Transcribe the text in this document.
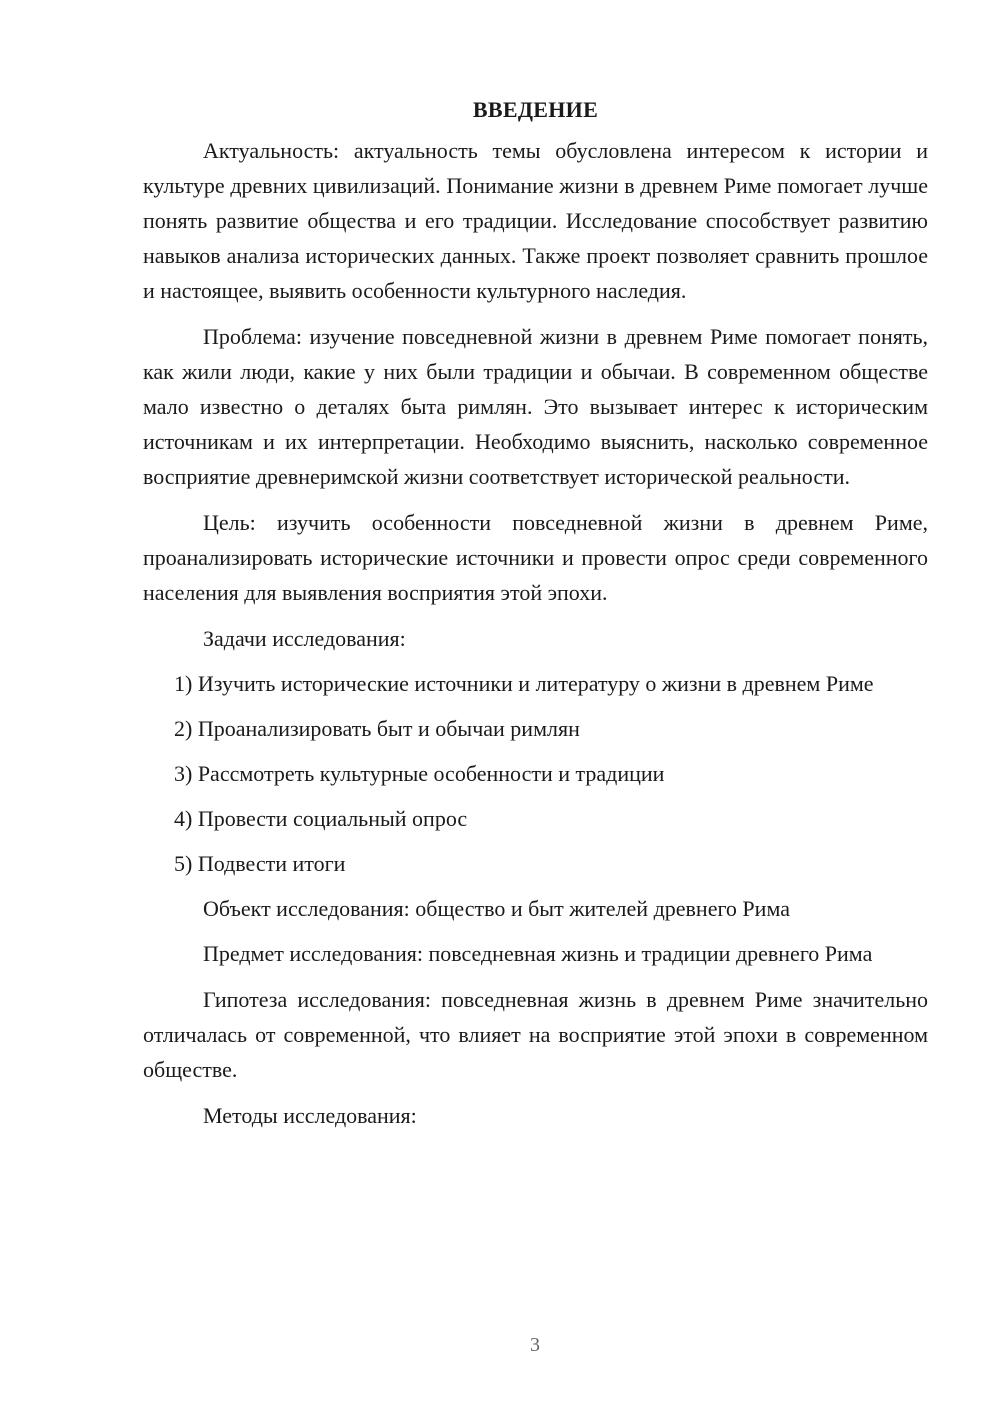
ВВЕДЕНИЕ

Актуальность: актуальность темы обусловлена интересом к истории и культуре древних цивилизаций. Понимание жизни в древнем Риме помогает лучше понять развитие общества и его традиции. Исследование способствует развитию навыков анализа исторических данных. Также проект позволяет сравнить прошлое и настоящее, выявить особенности культурного наследия.

Проблема: изучение повседневной жизни в древнем Риме помогает понять, как жили люди, какие у них были традиции и обычаи. В современном обществе мало известно о деталях быта римлян. Это вызывает интерес к историческим источникам и их интерпретации. Необходимо выяснить, насколько современное восприятие древнеримской жизни соответствует исторической реальности.

Цель: изучить особенности повседневной жизни в древнем Риме, проанализировать исторические источники и провести опрос среди современного населения для выявления восприятия этой эпохи.

Задачи исследования:

1) Изучить исторические источники и литературу о жизни в древнем Риме

2) Проанализировать быт и обычаи римлян

3) Рассмотреть культурные особенности и традиции

4) Провести социальный опрос

5) Подвести итоги

Объект исследования: общество и быт жителей древнего Рима

Предмет исследования: повседневная жизнь и традиции древнего Рима

Гипотеза исследования: повседневная жизнь в древнем Риме значительно отличалась от современной, что влияет на восприятие этой эпохи в современном обществе.

Методы исследования:

3
